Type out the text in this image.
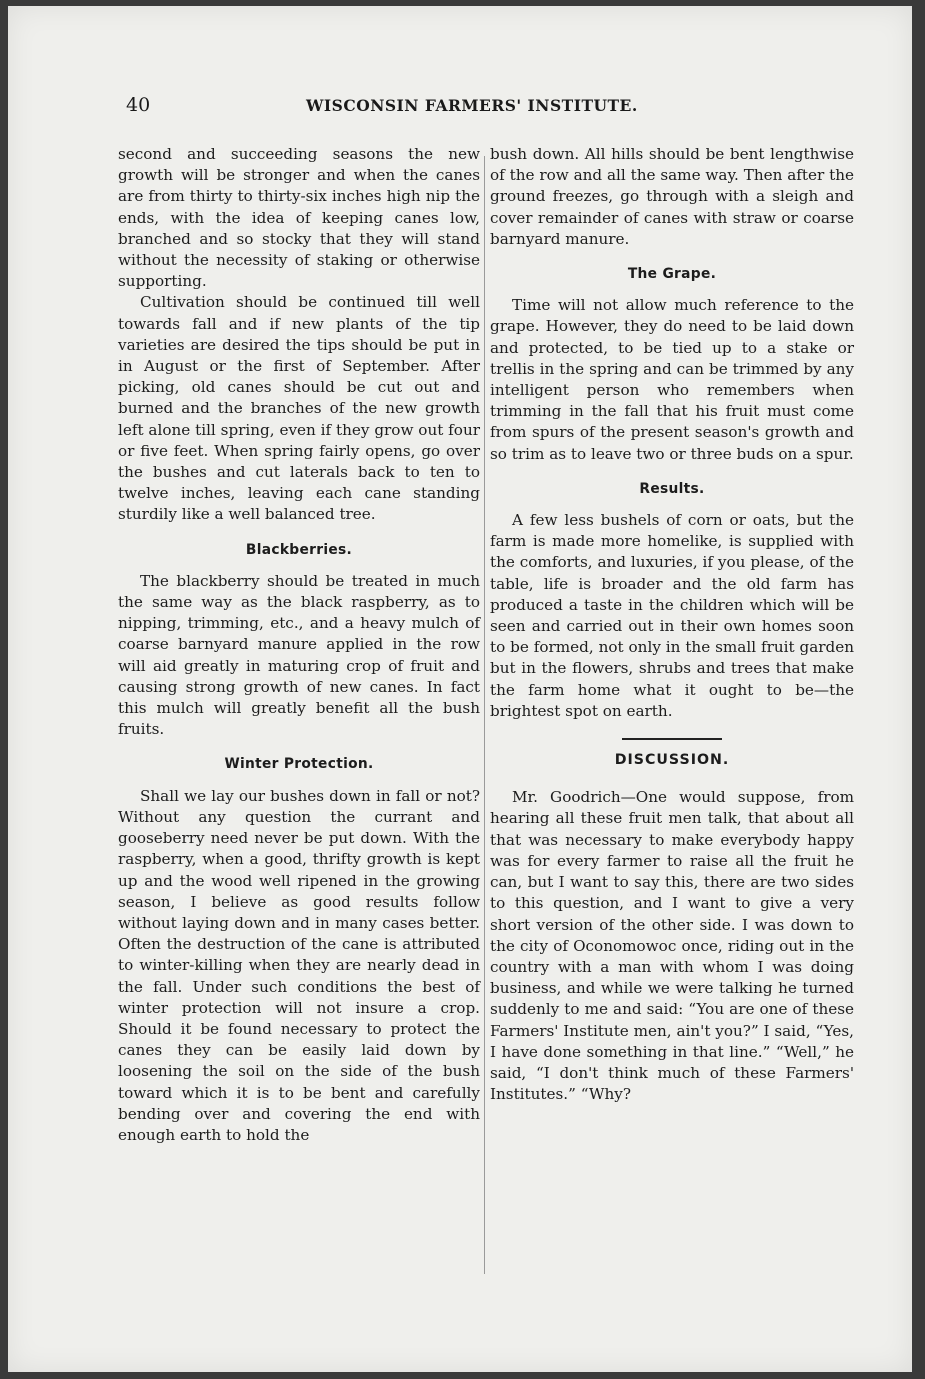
40	WISCONSIN FARMERS' INSTITUTE.

second and succeeding seasons the new growth will be stronger and when the canes are from thirty to thirty-six inches high nip the ends, with the idea of keeping canes low, branched and so stocky that they will stand without the necessity of staking or otherwise supporting.

Cultivation should be continued till well towards fall and if new plants of the tip varieties are desired the tips should be put in in August or the first of September. After picking, old canes should be cut out and burned and the branches of the new growth left alone till spring, even if they grow out four or five feet. When spring fairly opens, go over the bushes and cut laterals back to ten to twelve inches, leaving each cane standing sturdily like a well balanced tree.

Blackberries.

The blackberry should be treated in much the same way as the black raspberry, as to nipping, trimming, etc., and a heavy mulch of coarse barnyard manure applied in the row will aid greatly in maturing crop of fruit and causing strong growth of new canes. In fact this mulch will greatly benefit all the bush fruits.

Winter Protection.

Shall we lay our bushes down in fall or not? Without any question the currant and gooseberry need never be put down. With the raspberry, when a good, thrifty growth is kept up and the wood well ripened in the growing season, I believe as good results follow without laying down and in many cases better. Often the destruction of the cane is attributed to winter-killing when they are nearly dead in the fall. Under such conditions the best of winter protection will not insure a crop. Should it be found necessary to protect the canes they can be easily laid down by loosening the soil on the side of the bush toward which it is to be bent and carefully bending over and covering the end with enough earth to hold the

bush down. All hills should be bent lengthwise of the row and all the same way. Then after the ground freezes, go through with a sleigh and cover remainder of canes with straw or coarse barnyard manure.

The Grape.

Time will not allow much reference to the grape. However, they do need to be laid down and protected, to be tied up to a stake or trellis in the spring and can be trimmed by any intelligent person who remembers when trimming in the fall that his fruit must come from spurs of the present season's growth and so trim as to leave two or three buds on a spur.

Results.

A few less bushels of corn or oats, but the farm is made more homelike, is supplied with the comforts, and luxuries, if you please, of the table, life is broader and the old farm has produced a taste in the children which will be seen and carried out in their own homes soon to be formed, not only in the small fruit garden but in the flowers, shrubs and trees that make the farm home what it ought to be—the brightest spot on earth.

DISCUSSION.

Mr. Goodrich—One would suppose, from hearing all these fruit men talk, that about all that was necessary to make everybody happy was for every farmer to raise all the fruit he can, but I want to say this, there are two sides to this question, and I want to give a very short version of the other side. I was down to the city of Oconomowoc once, riding out in the country with a man with whom I was doing business, and while we were talking he turned suddenly to me and said: “You are one of these Farmers' Institute men, ain't you?” I said, “Yes, I have done something in that line.” “Well,” he said, “I don't think much of these Farmers' Institutes.” “Why?
